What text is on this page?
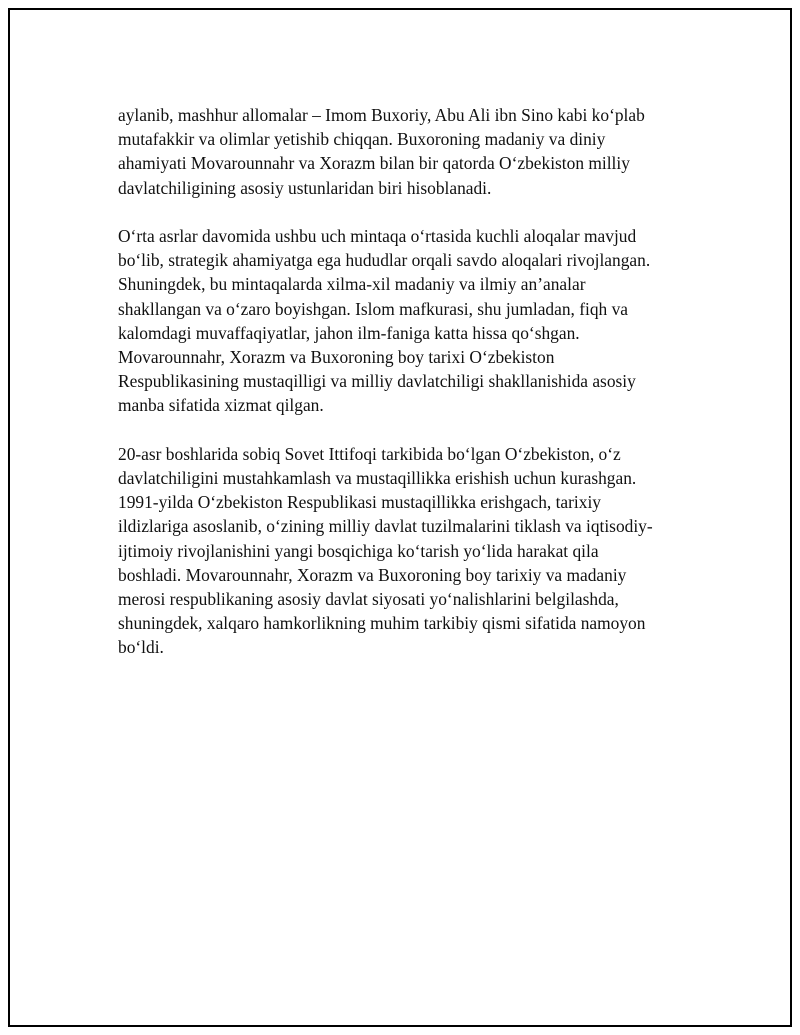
aylanib, mashhur allomalar – Imom Buxoriy, Abu Ali ibn Sino kabi koʻplab
mutafakkir va olimlar yetishib chiqqan. Buxoroning madaniy va diniy
ahamiyati Movarounnahr va Xorazm bilan bir qatorda Oʻzbekiston milliy
davlatchiligining asosiy ustunlaridan biri hisoblanadi.

Oʻrta asrlar davomida ushbu uch mintaqa oʻrtasida kuchli aloqalar mavjud
boʻlib, strategik ahamiyatga ega hududlar orqali savdo aloqalari rivojlangan.
Shuningdek, bu mintaqalarda xilma-xil madaniy va ilmiy an’analar
shakllangan va oʻzaro boyishgan. Islom mafkurasi, shu jumladan, fiqh va
kalomdagi muvaffaqiyatlar, jahon ilm-faniga katta hissa qoʻshgan.
Movarounnahr, Xorazm va Buxoroning boy tarixi Oʻzbekiston
Respublikasining mustaqilligi va milliy davlatchiligi shakllanishida asosiy
manba sifatida xizmat qilgan.

20-asr boshlarida sobiq Sovet Ittifoqi tarkibida boʻlgan Oʻzbekiston, oʻz
davlatchiligini mustahkamlash va mustaqillikka erishish uchun kurashgan.
1991-yilda Oʻzbekiston Respublikasi mustaqillikka erishgach, tarixiy
ildizlariga asoslanib, oʻzining milliy davlat tuzilmalarini tiklash va iqtisodiy-
ijtimoiy rivojlanishini yangi bosqichiga koʻtarish yoʻlida harakat qila
boshladi. Movarounnahr, Xorazm va Buxoroning boy tarixiy va madaniy
merosi respublikaning asosiy davlat siyosati yoʻnalishlarini belgilashda,
shuningdek, xalqaro hamkorlikning muhim tarkibiy qismi sifatida namoyon
boʻldi.
